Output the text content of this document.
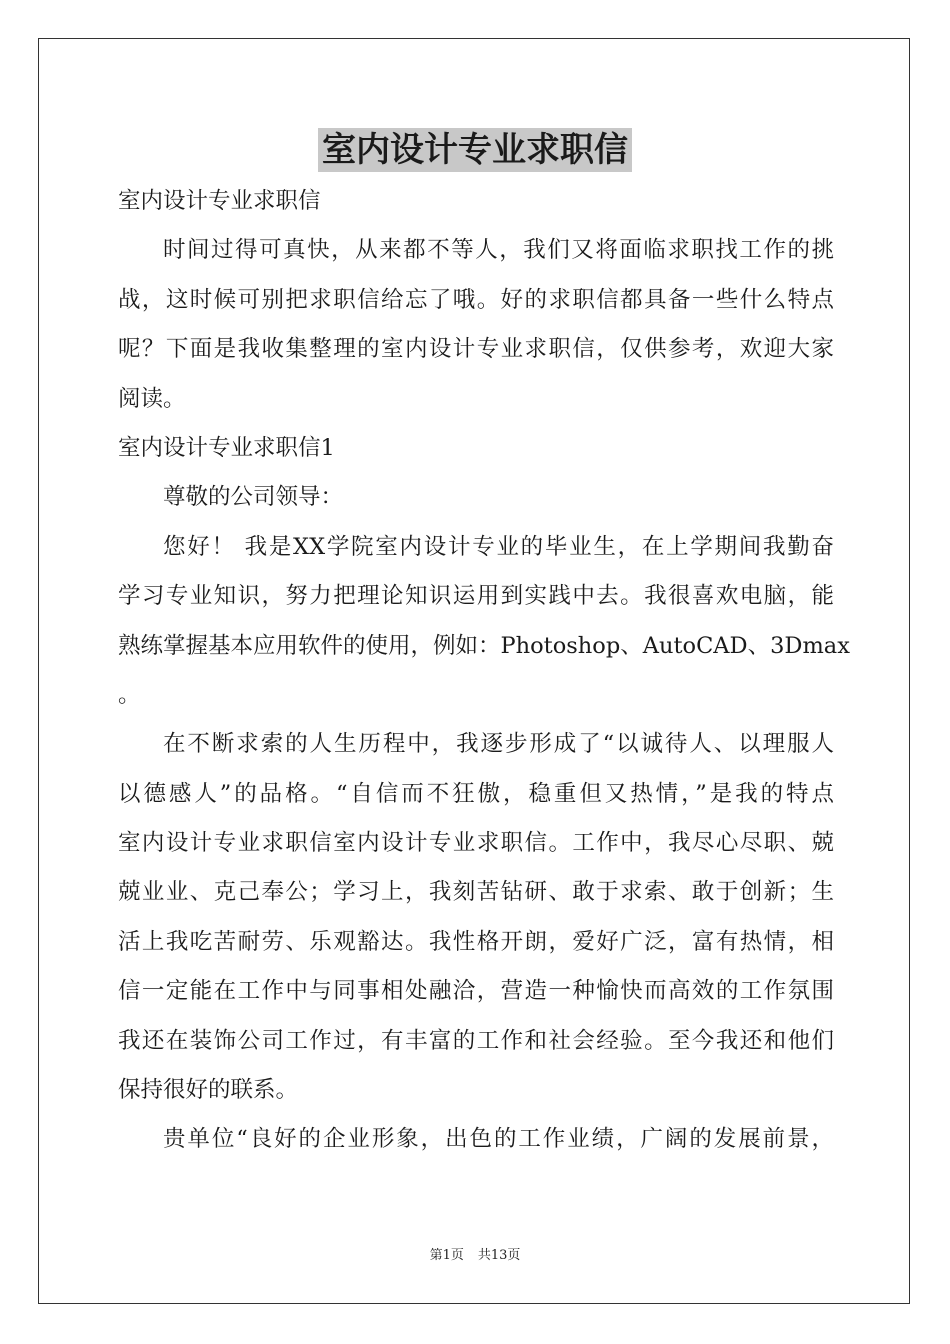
室内设计专业求职信
室内设计专业求职信
时间过得可真快，从来都不等人，我们又将面临求职找工作的挑
战，这时候可别把求职信给忘了哦。好的求职信都具备一些什么特点
呢？下面是我收集整理的室内设计专业求职信，仅供参考，欢迎大家
阅读。
室内设计专业求职信1
尊敬的公司领导：
您好！ 我是XX学院室内设计专业的毕业生，在上学期间我勤奋
学习专业知识，努力把理论知识运用到实践中去。我很喜欢电脑，能
熟练掌握基本应用软件的使用，例如：Photoshop、AutoCAD、3Dmax
。
在不断求索的人生历程中，我逐步形成了“以诚待人、以理服人
以德感人”的品格。“自信而不狂傲，稳重但又热情，”是我的特点
室内设计专业求职信室内设计专业求职信。工作中，我尽心尽职、兢
兢业业、克己奉公；学习上，我刻苦钻研、敢于求索、敢于创新；生
活上我吃苦耐劳、乐观豁达。我性格开朗，爱好广泛，富有热情，相
信一定能在工作中与同事相处融洽，营造一种愉快而高效的工作氛围
我还在装饰公司工作过，有丰富的工作和社会经验。至今我还和他们
保持很好的联系。
贵单位“良好的企业形象，出色的工作业绩，广阔的发展前景，
第1页 共13页
